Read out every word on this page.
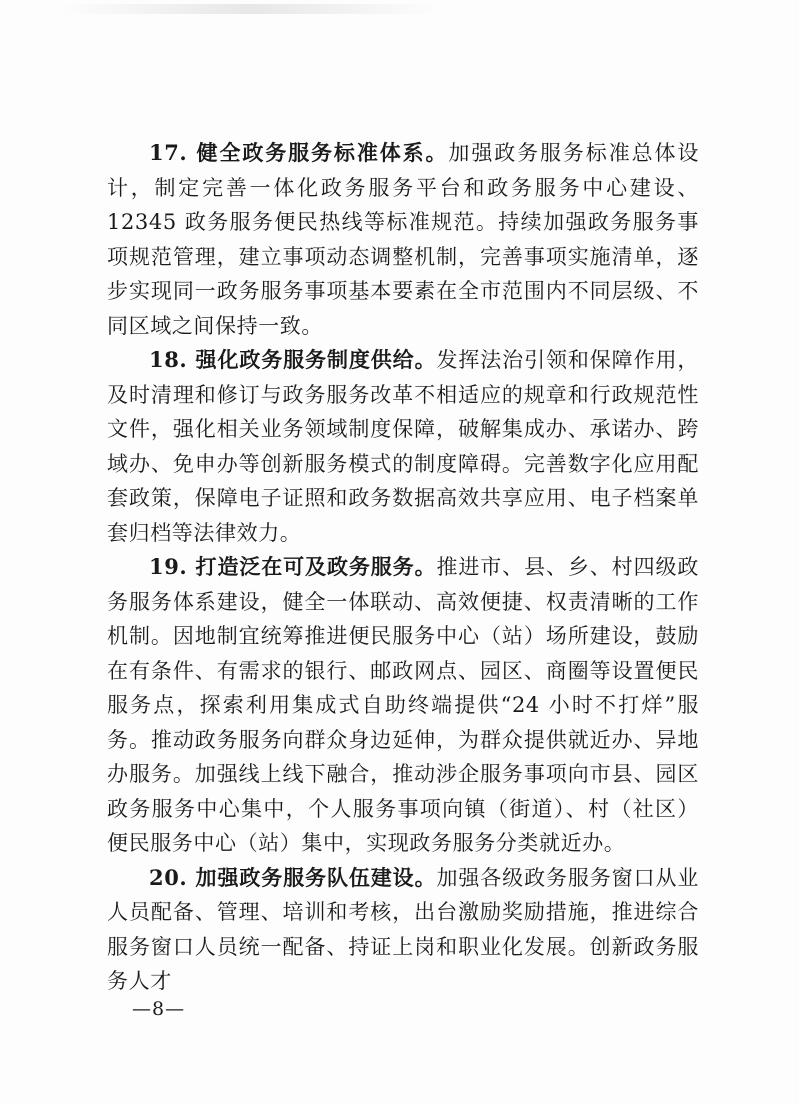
17. 健全政务服务标准体系。加强政务服务标准总体设计，制定完善一体化政务服务平台和政务服务中心建设、12345 政务服务便民热线等标准规范。持续加强政务服务事项规范管理，建立事项动态调整机制，完善事项实施清单，逐步实现同一政务服务事项基本要素在全市范围内不同层级、不同区域之间保持一致。

18. 强化政务服务制度供给。发挥法治引领和保障作用，及时清理和修订与政务服务改革不相适应的规章和行政规范性文件，强化相关业务领域制度保障，破解集成办、承诺办、跨域办、免申办等创新服务模式的制度障碍。完善数字化应用配套政策，保障电子证照和政务数据高效共享应用、电子档案单套归档等法律效力。

19. 打造泛在可及政务服务。推进市、县、乡、村四级政务服务体系建设，健全一体联动、高效便捷、权责清晰的工作机制。因地制宜统筹推进便民服务中心（站）场所建设，鼓励在有条件、有需求的银行、邮政网点、园区、商圈等设置便民服务点，探索利用集成式自助终端提供“24 小时不打烊”服务。推动政务服务向群众身边延伸，为群众提供就近办、异地办服务。加强线上线下融合，推动涉企服务事项向市县、园区政务服务中心集中，个人服务事项向镇（街道）、村（社区）便民服务中心（站）集中，实现政务服务分类就近办。

20. 加强政务服务队伍建设。加强各级政务服务窗口从业人员配备、管理、培训和考核，出台激励奖励措施，推进综合服务窗口人员统一配备、持证上岗和职业化发展。创新政务服务人才

—8—
